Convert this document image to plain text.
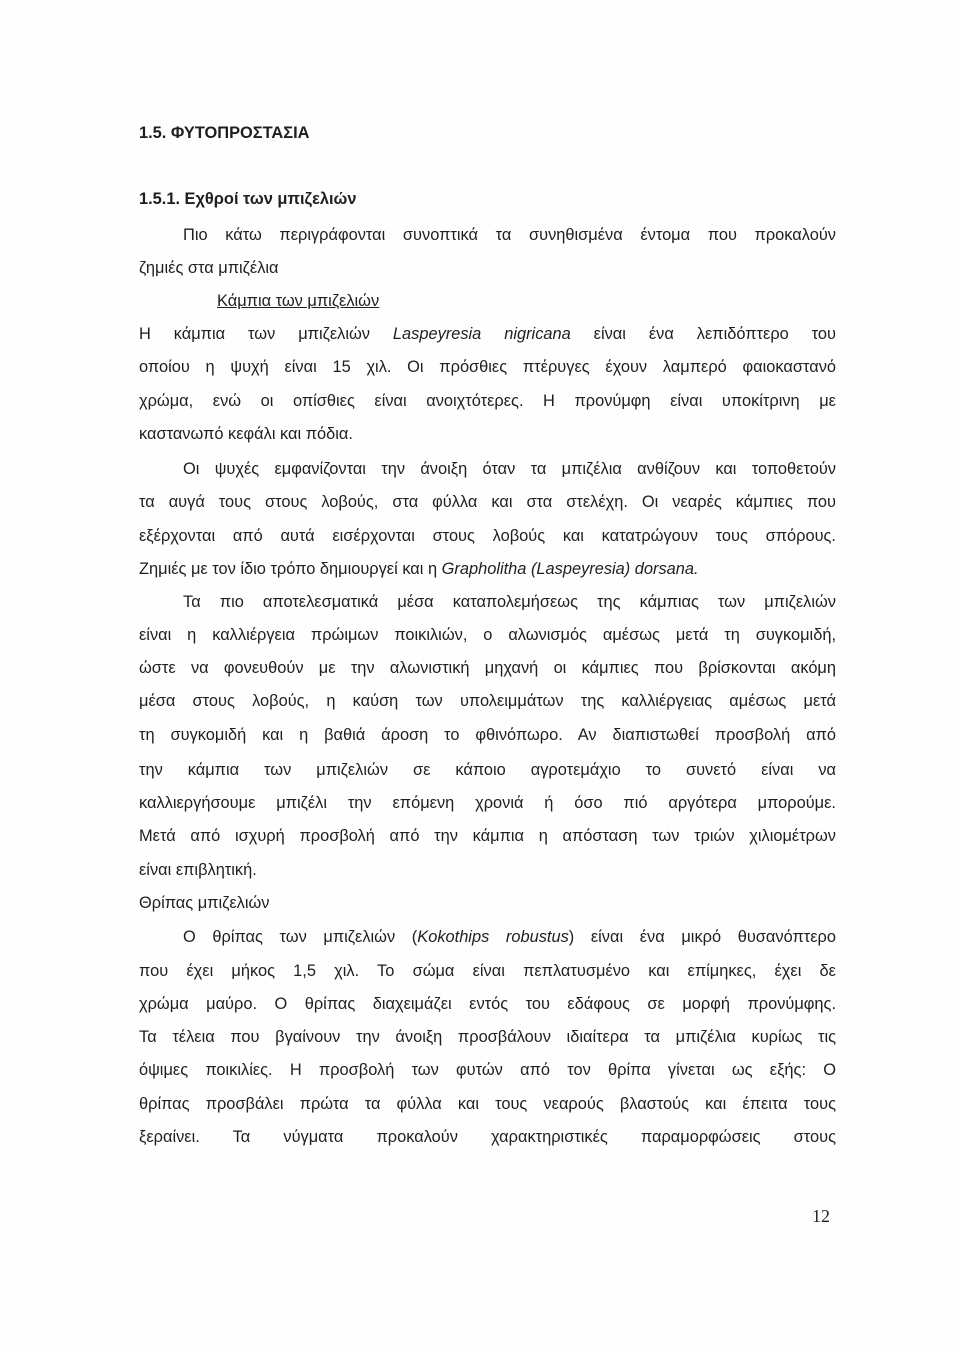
1.5. ΦΥΤΟΠΡΟΣΤΑΣΙΑ
1.5.1. Εχθροί των μπιζελιών
Πιο κάτω περιγράφονται συνοπτικά τα συνηθισμένα έντομα που προκαλούν
ζημιές στα μπιζέλια
Κάμπια των μπιζελιών
Η κάμπια των μπιζελιών Laspeyresia nigricana είναι ένα λεπιδόπτερο του
οποίου η ψυχή είναι 15 χιλ. Οι πρόσθιες πτέρυγες έχουν λαμπερό φαιοκαστανό
χρώμα, ενώ οι οπίσθιες είναι ανοιχτότερες. Η προνύμφη είναι υποκίτρινη με
καστανωπό κεφάλι και πόδια.
Οι ψυχές εμφανίζονται την άνοιξη όταν τα μπιζέλια ανθίζουν και τοποθετούν
τα αυγά τους στους λοβούς, στα φύλλα και στα στελέχη. Οι νεαρές κάμπιες που
εξέρχονται από αυτά εισέρχονται στους λοβούς και κατατρώγουν τους σπόρους.
Ζημιές με τον ίδιο τρόπο δημιουργεί και η Grapholitha (Laspeyresia) dorsana.
Τα πιο αποτελεσματικά μέσα καταπολεμήσεως της κάμπιας των μπιζελιών
είναι η καλλιέργεια πρώιμων ποικιλιών, ο αλωνισμός αμέσως μετά τη συγκομιδή,
ώστε να φονευθούν με την αλωνιστική μηχανή οι κάμπιες που βρίσκονται ακόμη
μέσα στους λοβούς, η καύση των υπολειμμάτων της καλλιέργειας αμέσως μετά
τη συγκομιδή και η βαθιά άροση το φθινόπωρο. Αν διαπιστωθεί προσβολή από
την κάμπια των μπιζελιών σε κάποιο αγροτεμάχιο το συνετό είναι να
καλλιεργήσουμε μπιζέλι την επόμενη χρονιά ή όσο πιό αργότερα μπορούμε.
Μετά από ισχυρή προσβολή από την κάμπια η απόσταση των τριών χιλιομέτρων
είναι επιβλητική.
Θρίπας μπιζελιών
Ο θρίπας των μπιζελιών (Kokothips robustus) είναι ένα μικρό θυσανόπτερο
που έχει μήκος 1,5 χιλ. Το σώμα είναι πεπλατυσμένο και επίμηκες, έχει δε
χρώμα μαύρο. Ο θρίπας διαχειμάζει εντός του εδάφους σε μορφή προνύμφης.
Τα τέλεια που βγαίνουν την άνοιξη προσβάλουν ιδιαίτερα τα μπιζέλια κυρίως τις
όψιμες ποικιλίες. Η προσβολή των φυτών από τον θρίπα γίνεται ως εξής: Ο
θρίπας προσβάλει πρώτα τα φύλλα και τους νεαρούς βλαστούς και έπειτα τους
ξεραίνει. Τα νύγματα προκαλούν χαρακτηριστικές παραμορφώσεις στους
12
